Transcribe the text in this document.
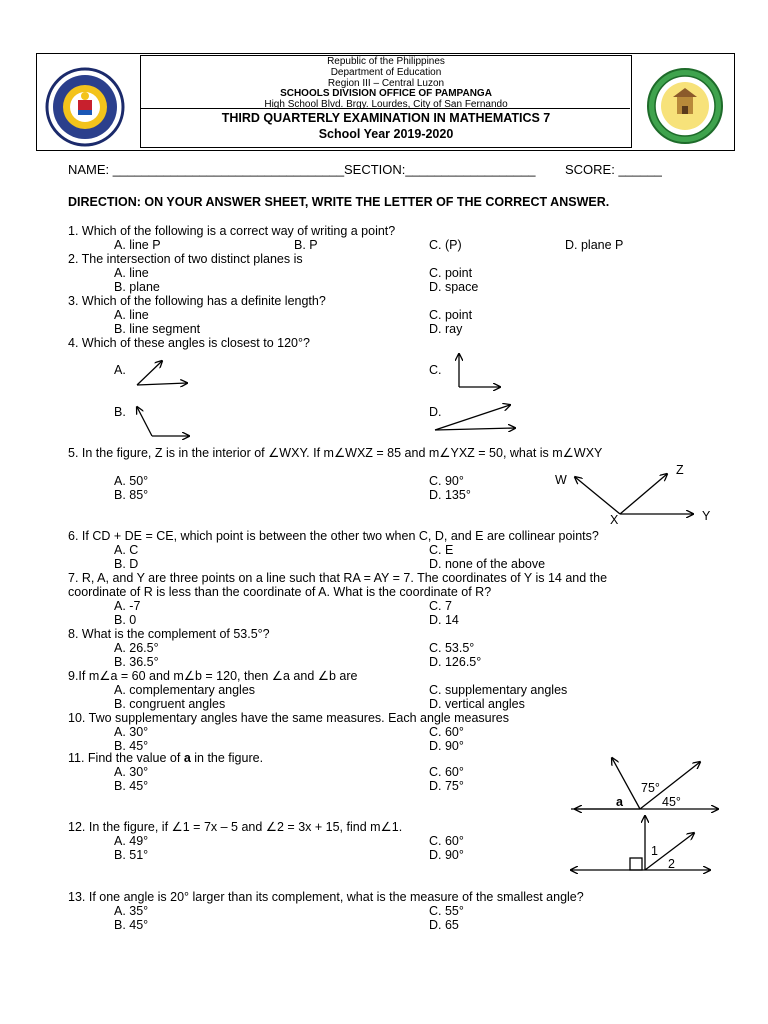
Republic of the Philippines
Department of Education
Region III – Central Luzon
SCHOOLS DIVISION OFFICE OF PAMPANGA
High School Blvd. Brgy. Lourdes, City of San Fernando
THIRD QUARTERLY EXAMINATION IN MATHEMATICS 7
School Year 2019-2020
NAME: ________________________________ SECTION:__________________ SCORE: ______
DIRECTION: ON YOUR ANSWER SHEET, WRITE THE LETTER OF THE CORRECT ANSWER.
1. Which of the following is a correct way of writing a point?
A. line P	B. P	C. (P)	D. plane P
2. The intersection of two distinct planes is
A. line	C. point
B. plane	D. space
3. Which of the following has a definite length?
A. line	C. point
B. line segment	D. ray
4. Which of these angles is closest to 120°?
A.	C.
B.	D.
5. In the figure, Z is in the interior of ∠WXY. If m∠WXZ = 85 and m∠YXZ = 50, what is m∠WXY
A. 50°	C. 90°
B. 85°	D. 135°
W
Z
X	Y
6. If CD + DE = CE, which point is between the other two when C, D, and E are collinear points?
A. C	C. E
B. D	D. none of the above
7. R, A, and Y are three points on a line such that RA = AY = 7. The coordinates of Y is 14 and the
coordinate of R is less than the coordinate of A. What is the coordinate of R?
A. -7	C. 7
B. 0	D. 14
8. What is the complement of 53.5°?
A. 26.5°	C. 53.5°
B. 36.5°	D. 126.5°
9.If m∠a = 60 and m∠b = 120, then ∠a and ∠b are
A. complementary angles	C. supplementary angles
B. congruent angles	D. vertical angles
10. Two supplementary angles have the same measures. Each angle measures
A. 30°	C. 60°
B. 45°	D. 90°
11. Find the value of a in the figure.
A. 30°	C. 60°
B. 45°	D. 75°	75°
a	45°
12. In the figure, if ∠1 = 7x – 5 and ∠2 = 3x + 15, find m∠1.
A. 49°	C. 60°
B. 51°	D. 90°	1
2
13. If one angle is 20° larger than its complement, what is the measure of the smallest angle?
A. 35°	C. 55°
B. 45°	D. 65
